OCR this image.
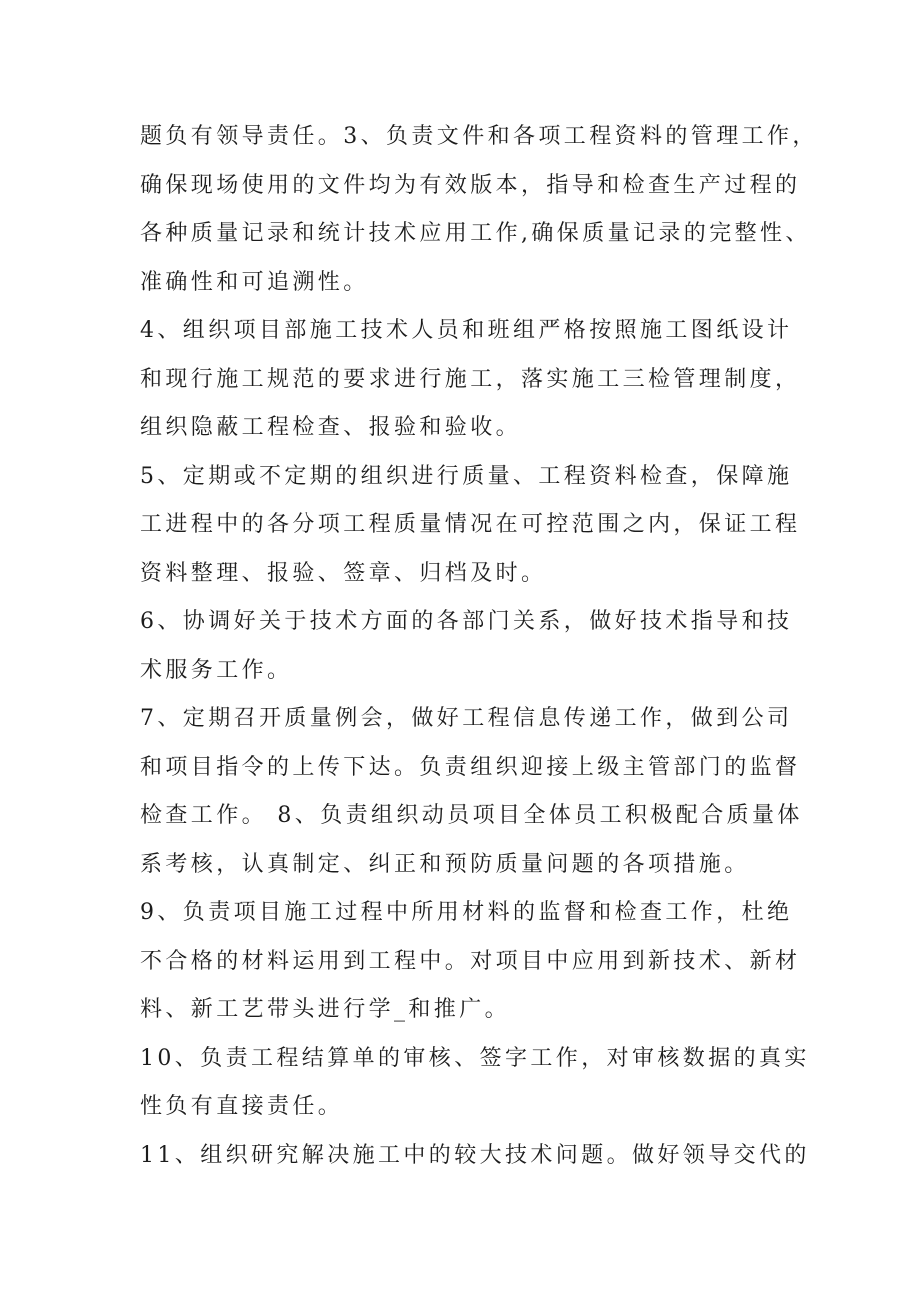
题负有领导责任。3、负责文件和各项工程资料的管理工作，
确保现场使用的文件均为有效版本，指导和检查生产过程的
各种质量记录和统计技术应用工作,确保质量记录的完整性、
准确性和可追溯性。
4、组织项目部施工技术人员和班组严格按照施工图纸设计
和现行施工规范的要求进行施工，落实施工三检管理制度，
组织隐蔽工程检查、报验和验收。
5、定期或不定期的组织进行质量、工程资料检查，保障施
工进程中的各分项工程质量情况在可控范围之内，保证工程
资料整理、报验、签章、归档及时。
6、协调好关于技术方面的各部门关系，做好技术指导和技
术服务工作。
7、定期召开质量例会，做好工程信息传递工作，做到公司
和项目指令的上传下达。负责组织迎接上级主管部门的监督
检查工作。 8、负责组织动员项目全体员工积极配合质量体
系考核，认真制定、纠正和预防质量问题的各项措施。
9、负责项目施工过程中所用材料的监督和检查工作，杜绝
不合格的材料运用到工程中。对项目中应用到新技术、新材
料、新工艺带头进行学_和推广。
10、负责工程结算单的审核、签字工作，对审核数据的真实
性负有直接责任。
11、组织研究解决施工中的较大技术问题。做好领导交代的
